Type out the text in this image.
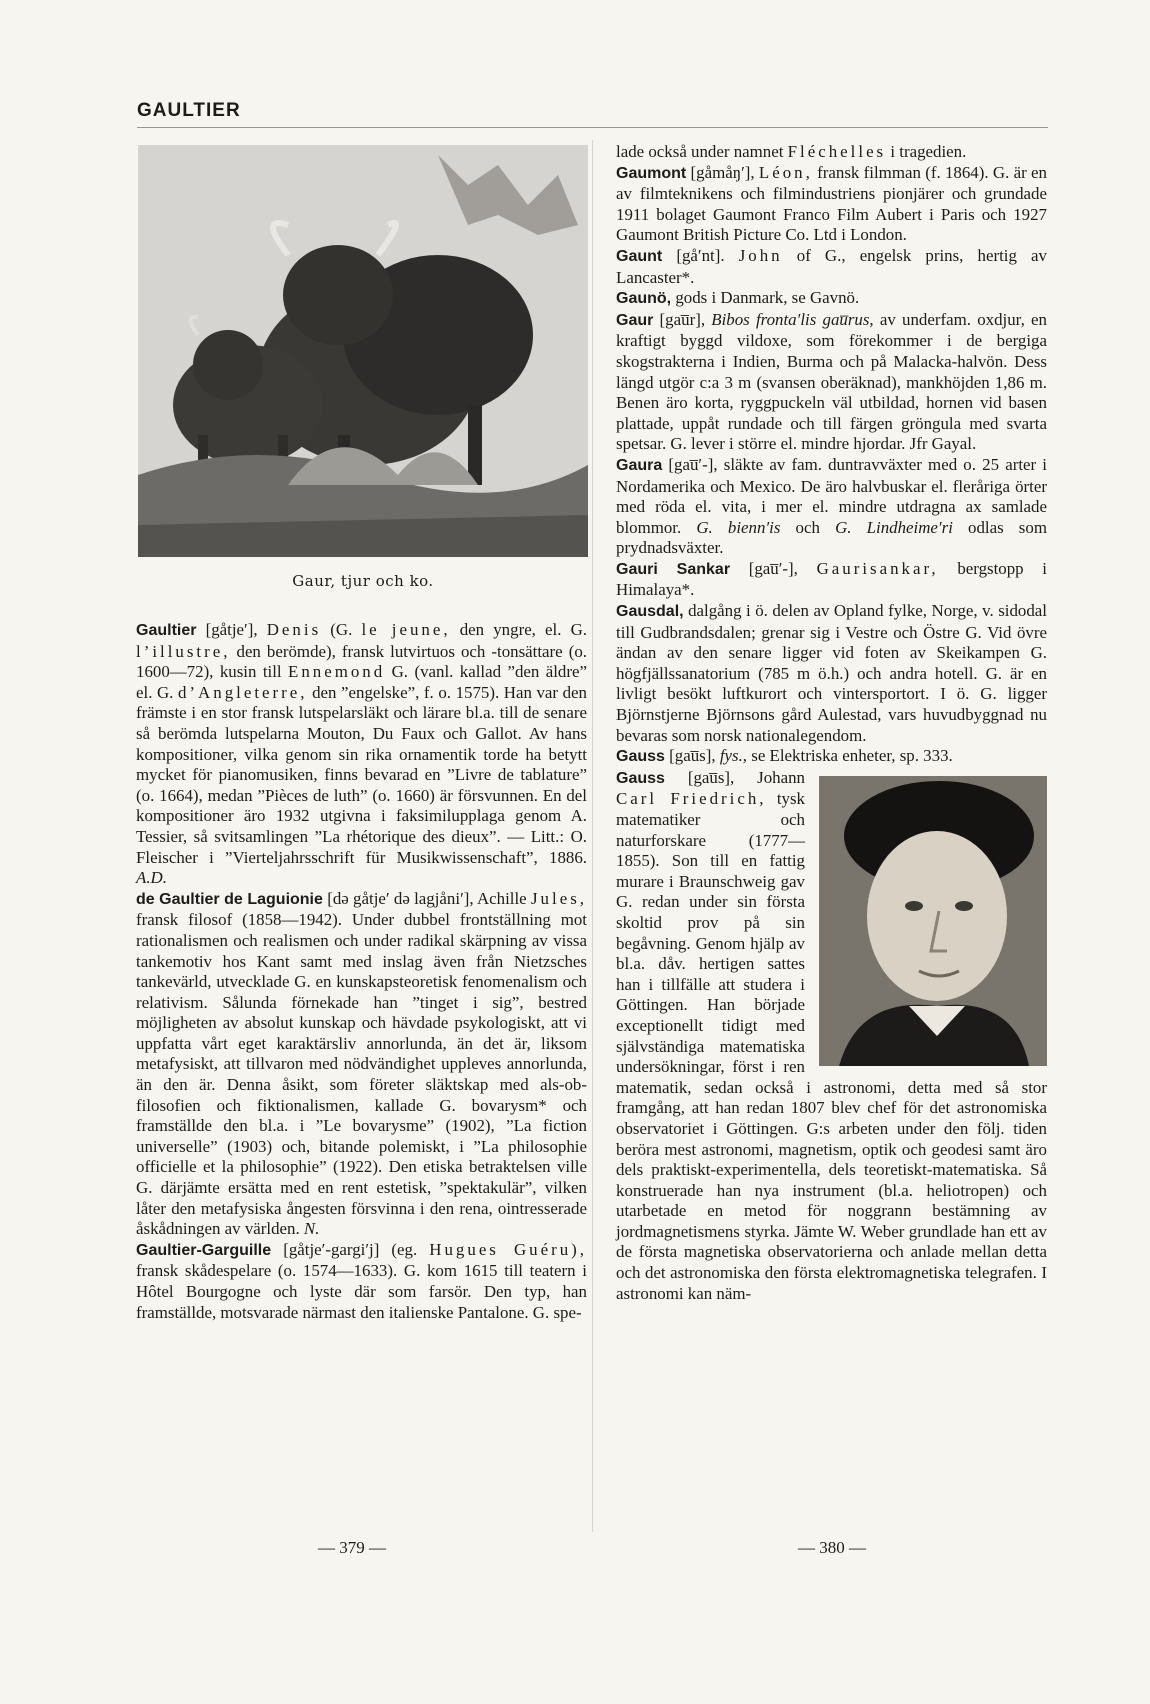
GAULTIER
Gaur, tjur och ko.

Gaultier [gåtje′], Denis (G. le jeune, den yngre, el. G. l’illustre, den berömde), fransk lutvirtuos och -tonsättare (o. 1600—72), kusin till Ennemond G. (vanl. kallad ”den äldre” el. G. d’Angleterre, den ”engelske”, f. o. 1575). Han var den främste i en stor fransk lutspelarsläkt och lärare bl.a. till de senare så berömda lutspelarna Mouton, Du Faux och Gallot. Av hans kompositioner, vilka genom sin rika ornamentik torde ha betytt mycket för pianomusiken, finns bevarad en ”Livre de tablature” (o. 1664), medan ”Pièces de luth” (o. 1660) är försvunnen. En del kompositioner äro 1932 utgivna i faksimilupplaga genom A. Tessier, så svitsamlingen ”La rhétorique des dieux”. — Litt.: O. Fleischer i ”Vierteljahrsschrift für Musikwissenschaft”, 1886. A.D.

de Gaultier de Laguionie [də gåtje′ də lagjåni′], Achille Jules, fransk filosof (1858—1942). Under dubbel frontställning mot rationalismen och realismen och under radikal skärpning av vissa tankemotiv hos Kant samt med inslag även från Nietzsches tankevärld, utvecklade G. en kunskapsteoretisk fenomenalism och relativism. Sålunda förnekade han ”tinget i sig”, bestred möjligheten av absolut kunskap och hävdade psykologiskt, att vi uppfatta vårt eget karaktärsliv annorlunda, än det är, liksom metafysiskt, att tillvaron med nödvändighet uppleves annorlunda, än den är. Denna åsikt, som företer släktskap med als-ob-filosofien och fiktionalismen, kallade G. bovarysm* och framställde den bl.a. i ”Le bovarysme” (1902), ”La fiction universelle” (1903) och, bitande polemiskt, i ”La philosophie officielle et la philosophie” (1922). Den etiska betraktelsen ville G. därjämte ersätta med en rent estetisk, ”spektakulär”, vilken låter den metafysiska ångesten försvinna i den rena, ointresserade åskådningen av världen. N.

Gaultier-Garguille [gåtje′-gargi′j] (eg. Hugues Guéru), fransk skådespelare (o. 1574—1633). G. kom 1615 till teatern i Hôtel Bourgogne och lyste där som farsör. Den typ, han framställde, motsvarade närmast den italienske Pantalone. G. spe-

lade också under namnet Fléchelles i tragedien.

Gaumont [gåmåŋ′], Léon, fransk filmman (f. 1864). G. är en av filmteknikens och filmindustriens pionjärer och grundade 1911 bolaget Gaumont Franco Film Aubert i Paris och 1927 Gaumont British Picture Co. Ltd i London.

Gaunt [gå′nt]. John of G., engelsk prins, hertig av Lancaster*.

Gaunö, gods i Danmark, se Gavnö.

Gaur [gau̅r], Bibos fronta′lis gau̅rus, av underfam. oxdjur, en kraftigt byggd vildoxe, som förekommer i de bergiga skogstrakterna i Indien, Burma och på Malacka-halvön. Dess längd utgör c:a 3 m (svansen oberäknad), mankhöjden 1,86 m. Benen äro korta, ryggpuckeln väl utbildad, hornen vid basen plattade, uppåt rundade och till färgen gröngula med svarta spetsar. G. lever i större el. mindre hjordar. Jfr Gayal.

Gaura [gau̅′-], släkte av fam. duntravväxter med o. 25 arter i Nordamerika och Mexico. De äro halvbuskar el. fleråriga örter med röda el. vita, i mer el. mindre utdragna ax samlade blommor. G. bienn′is och G. Lindheime′ri odlas som prydnadsväxter.

Gauri Sankar [gau̅′-], Gaurisankar, bergstopp i Himalaya*.

Gausdal, dalgång i ö. delen av Opland fylke, Norge, v. sidodal till Gudbrandsdalen; grenar sig i Vestre och Östre G. Vid övre ändan av den senare ligger vid foten av Skeikampen G. högfjällssanatorium (785 m ö.h.) och andra hotell. G. är en livligt besökt luftkurort och vintersportort. I ö. G. ligger Björnstjerne Björnsons gård Aulestad, vars huvudbyggnad nu bevaras som norsk nationalegendom.

Gauss [gau̅s], fys., se Elektriska enheter, sp. 333.

Gauss [gau̅s], Johann Carl Friedrich, tysk matematiker och naturforskare (1777—1855). Son till en fattig murare i Braunschweig gav G. redan under sin första skoltid prov på sin begåvning. Genom hjälp av bl.a. dåv. hertigen sattes han i tillfälle att studera i Göttingen. Han började exceptionellt tidigt med självständiga matematiska undersökningar, först i ren matematik, sedan också i astronomi, detta med så stor framgång, att han redan 1807 blev chef för det astronomiska observatoriet i Göttingen. G:s arbeten under den följ. tiden beröra mest astronomi, magnetism, optik och geodesi samt äro dels praktiskt-experimentella, dels teoretiskt-matematiska. Så konstruerade han nya instrument (bl.a. heliotropen) och utarbetade en metod för noggrann bestämning av jordmagnetismens styrka. Jämte W. Weber grundlade han ett av de första magnetiska observatorierna och anlade mellan detta och det astronomiska den första elektromagnetiska telegrafen. I astronomi kan näm-

— 379 —	— 380 —
